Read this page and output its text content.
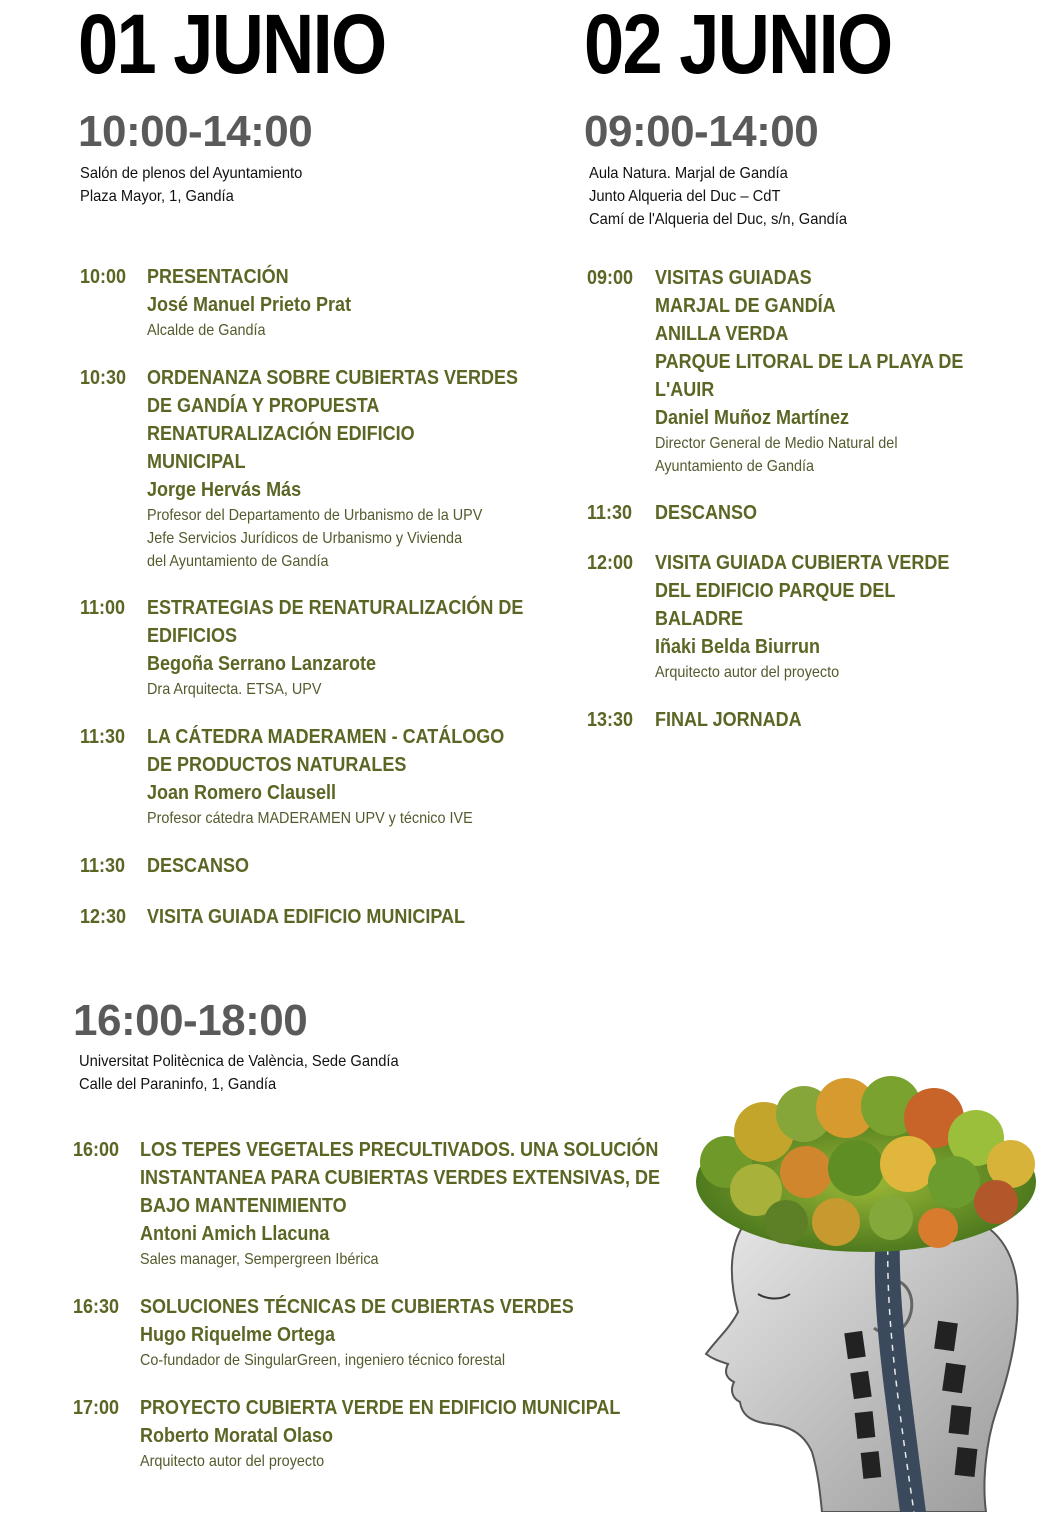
01 JUNIO 02 JUNIO
10:00-14:00
Salón de plenos del Ayuntamiento
Plaza Mayor, 1, Gandía
09:00-14:00
Aula Natura. Marjal de Gandía
Junto Alqueria del Duc – CdT
Camí de l'Alqueria del Duc, s/n, Gandía
16:00-18:00
Universitat Politècnica de València, Sede Gandía
Calle del Paraninfo, 1, Gandía
10:00 PRESENTACIÓN
José Manuel Prieto Prat
Alcalde de Gandía
10:30 ORDENANZA SOBRE CUBIERTAS VERDES
DE GANDÍA Y PROPUESTA
RENATURALIZACIÓN EDIFICIO
MUNICIPAL
Jorge Hervás Más
Profesor del Departamento de Urbanismo de la UPV
Jefe Servicios Jurídicos de Urbanismo y Vivienda
del Ayuntamiento de Gandía
11:00 ESTRATEGIAS DE RENATURALIZACIÓN DE
EDIFICIOS
Begoña Serrano Lanzarote
Dra Arquitecta. ETSA, UPV
11:30 LA CÁTEDRA MADERAMEN - CATÁLOGO
DE PRODUCTOS NATURALES
Joan Romero Clausell
Profesor cátedra MADERAMEN UPV y técnico IVE
11:30 DESCANSO
12:30 VISITA GUIADA EDIFICIO MUNICIPAL
09:00 VISITAS GUIADAS
MARJAL DE GANDÍA
ANILLA VERDA
PARQUE LITORAL DE LA PLAYA DE
L'AUIR
Daniel Muñoz Martínez
Director General de Medio Natural del
Ayuntamiento de Gandía
11:30 DESCANSO
12:00 VISITA GUIADA CUBIERTA VERDE
DEL EDIFICIO PARQUE DEL
BALADRE
Iñaki Belda Biurrun
Arquitecto autor del proyecto
13:30 FINAL JORNADA
16:00 LOS TEPES VEGETALES PRECULTIVADOS. UNA SOLUCIÓN
INSTANTANEA PARA CUBIERTAS VERDES EXTENSIVAS, DE
BAJO MANTENIMIENTO
Antoni Amich Llacuna
Sales manager, Sempergreen Ibérica
16:30 SOLUCIONES TÉCNICAS DE CUBIERTAS VERDES
Hugo Riquelme Ortega
Co-fundador de SingularGreen, ingeniero técnico forestal
17:00 PROYECTO CUBIERTA VERDE EN EDIFICIO MUNICIPAL
Roberto Moratal Olaso
Arquitecto autor del proyecto
